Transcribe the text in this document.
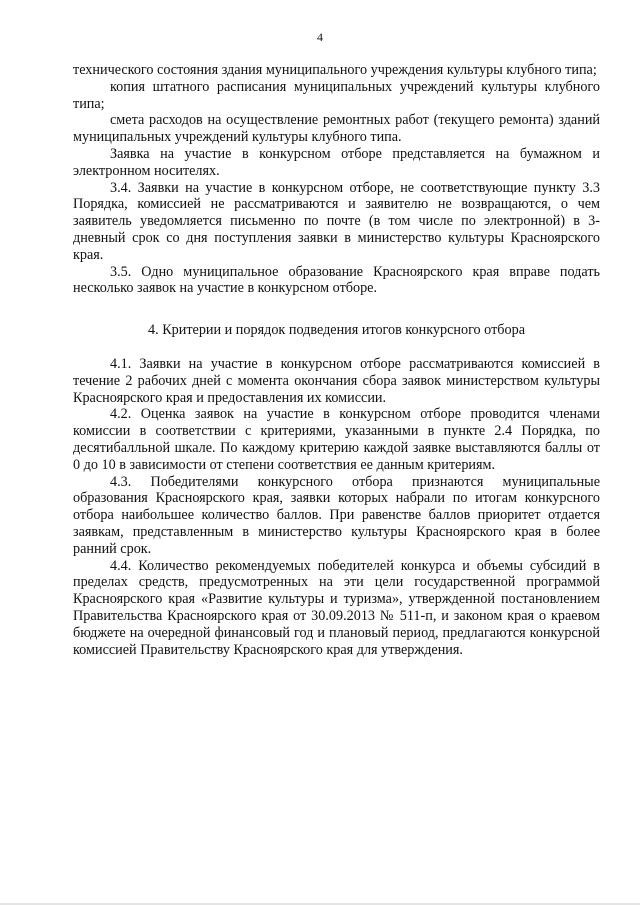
4

технического состояния здания муниципального учреждения культуры клубного типа;

копия штатного расписания муниципальных учреждений культуры клубного типа;

смета расходов на осуществление ремонтных работ (текущего ремонта) зданий муниципальных учреждений культуры клубного типа.

Заявка на участие в конкурсном отборе представляется на бумажном и электронном носителях.

3.4. Заявки на участие в конкурсном отборе, не соответствующие пункту 3.3 Порядка, комиссией не рассматриваются и заявителю не возвращаются, о чем заявитель уведомляется письменно по почте (в том числе по электронной) в 3-дневный срок со дня поступления заявки в министерство культуры Красноярского края.

3.5. Одно муниципальное образование Красноярского края вправе подать несколько заявок на участие в конкурсном отборе.

4. Критерии и порядок подведения итогов конкурсного отбора

4.1. Заявки на участие в конкурсном отборе рассматриваются комиссией в течение 2 рабочих дней с момента окончания сбора заявок министерством культуры Красноярского края и предоставления их комиссии.

4.2. Оценка заявок на участие в конкурсном отборе проводится членами комиссии в соответствии с критериями, указанными в пункте 2.4 Порядка, по десятибалльной шкале. По каждому критерию каждой заявке выставляются баллы от 0 до 10 в зависимости от степени соответствия ее данным критериям.

4.3. Победителями конкурсного отбора признаются муниципальные образования Красноярского края, заявки которых набрали по итогам конкурсного отбора наибольшее количество баллов. При равенстве баллов приоритет отдается заявкам, представленным в министерство культуры Красноярского края в более ранний срок.

4.4. Количество рекомендуемых победителей конкурса и объемы субсидий в пределах средств, предусмотренных на эти цели государственной программой Красноярского края «Развитие культуры и туризма», утвержденной постановлением Правительства Красноярского края от 30.09.2013 № 511-п, и законом края о краевом бюджете на очередной финансовый год и плановый период, предлагаются конкурсной комиссией Правительству Красноярского края для утверждения.
